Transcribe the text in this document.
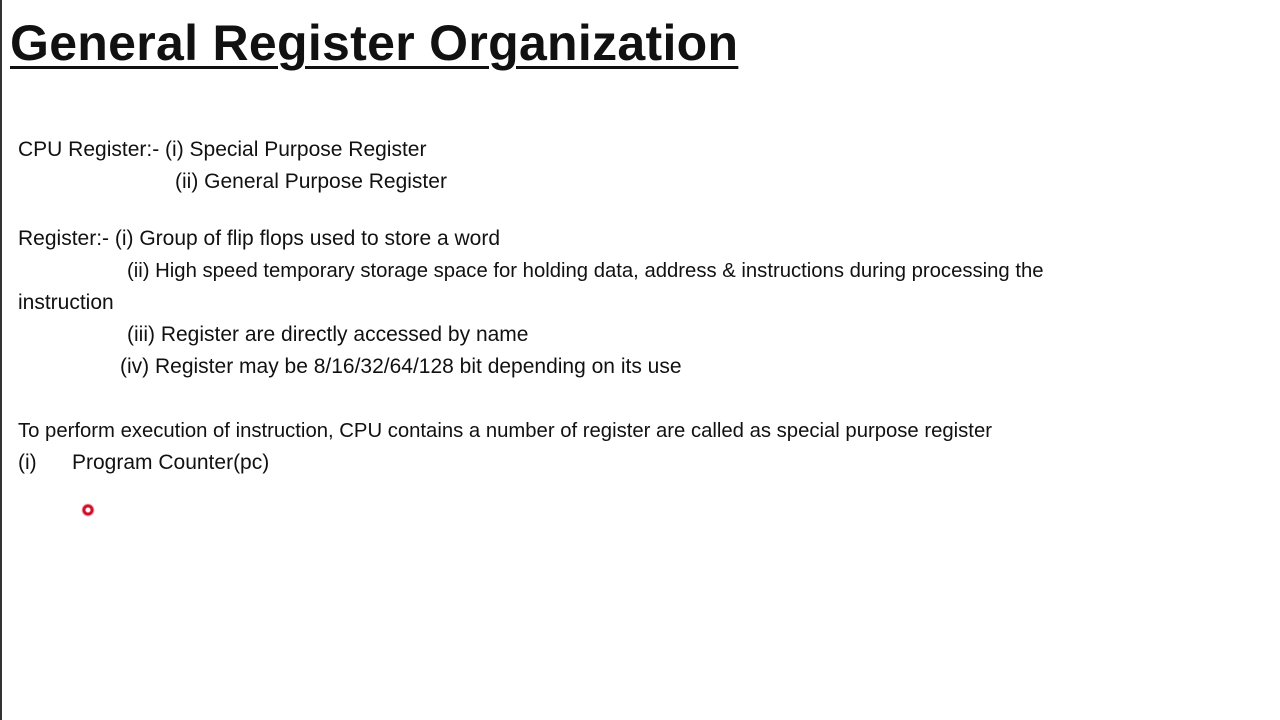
General Register Organization
CPU Register:- (i) Special Purpose Register
(ii) General Purpose Register
Register:- (i) Group of flip flops used to store a word
(ii) High speed temporary storage space for holding data, address & instructions during processing the
instruction
(iii) Register are directly accessed by name
(iv) Register may be 8/16/32/64/128 bit depending on its use
To perform execution of instruction, CPU contains a number of register are called as special purpose register
(i) Program Counter(pc)
